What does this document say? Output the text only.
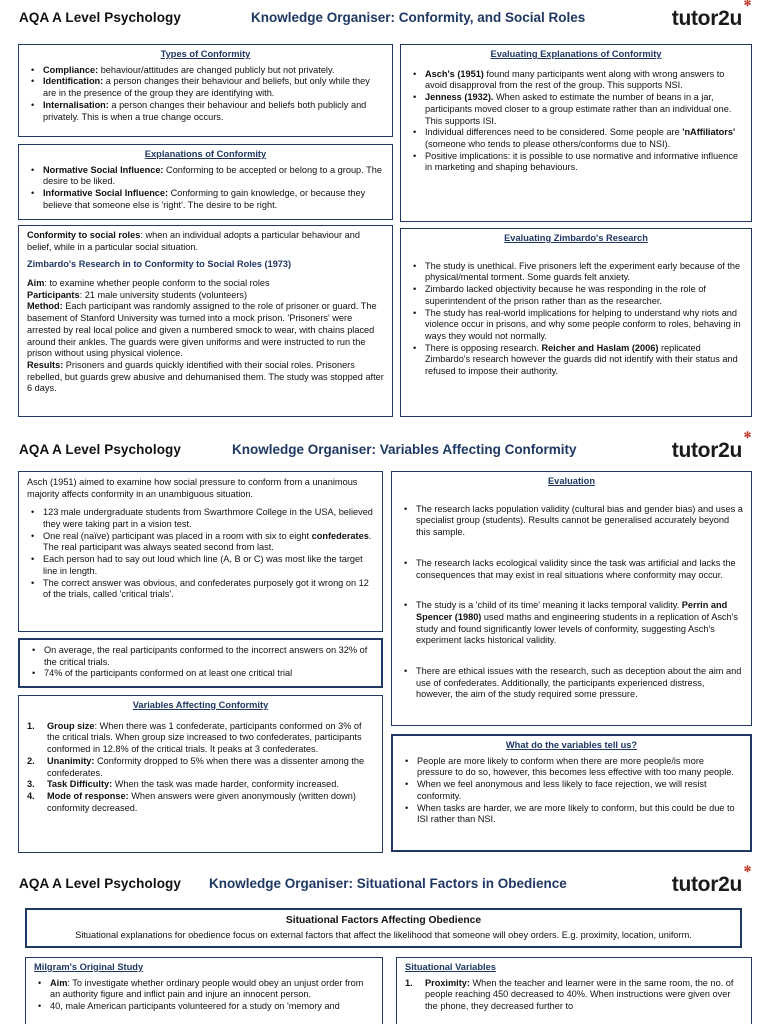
AQA A Level Psychology	Knowledge Organiser: Conformity, and Social Roles	tutor2u
✻
Types of Conformity
• Compliance: behaviour/attitudes are changed publicly but not privately.
• Identification: a person changes their behaviour and beliefs, but only while they are in the presence of the group they are identifying with.
• Internalisation: a person changes their behaviour and beliefs both publicly and privately. This is when a true change occurs.
Explanations of Conformity
• Normative Social Influence: Conforming to be accepted or belong to a group. The desire to be liked.
• Informative Social Influence: Conforming to gain knowledge, or because they believe that someone else is 'right'. The desire to be right.
Evaluating Explanations of Conformity
• Asch's (1951) found many participants went along with wrong answers to avoid disapproval from the rest of the group. This supports NSI.
• Jenness (1932). When asked to estimate the number of beans in a jar, participants moved closer to a group estimate rather than an individual one. This supports ISI.
• Individual differences need to be considered. Some people are 'nAffiliators' (someone who tends to please others/conforms due to NSI).
• Positive implications: it is possible to use normative and informative influence in marketing and shaping behaviours.

Conformity to social roles: when an individual adopts a particular behaviour and belief, while in a particular social situation.

Zimbardo's Research in to Conformity to Social Roles (1973)

Aim: to examine whether people conform to the social roles
Participants: 21 male university students (volunteers)
Method: Each participant was randomly assigned to the role of prisoner or guard. The basement of Stanford University was turned into a mock prison. 'Prisoners' were arrested by real local police and given a numbered smock to wear, with chains placed around their ankles. The guards were given uniforms and were instructed to run the prison without using physical violence.
Results: Prisoners and guards quickly identified with their social roles. Prisoners rebelled, but guards grew abusive and dehumanised them. The study was stopped after 6 days.
Evaluating Zimbardo's Research
• The study is unethical. Five prisoners left the experiment early because of the physical/mental torment. Some guards felt anxiety.
• Zimbardo lacked objectivity because he was responding in the role of superintendent of the prison rather than as the researcher.
• The study has real-world implications for helping to understand why riots and violence occur in prisons, and why some people conform to roles, behaving in ways they would not normally.
• There is opposing research. Reicher and Haslam (2006) replicated Zimbardo's research however the guards did not identify with their status and refused to impose their authority.
AQA A Level Psychology	Knowledge Organiser: Variables Affecting Conformity	tutor2u
✻

Asch (1951) aimed to examine how social pressure to conform from a unanimous majority affects conformity in an unambiguous situation.

• 123 male undergraduate students from Swarthmore College in the USA, believed they were taking part in a vision test.
• One real (naïve) participant was placed in a room with six to eight confederates. The real participant was always seated second from last.
• Each person had to say out loud which line (A, B or C) was most like the target line in length.
• The correct answer was obvious, and confederates purposely got it wrong on 12 of the trials, called 'critical trials'.
• On average, the real participants conformed to the incorrect answers on 32% of the critical trials.
• 74% of the participants conformed on at least one critical trial
Variables Affecting Conformity
1. Group size: When there was 1 confederate, participants conformed on 3% of the critical trials. When group size increased to two confederates, participants conformed in 12.8% of the critical trials. It peaks at 3 confederates.
2. Unanimity: Conformity dropped to 5% when there was a dissenter among the confederates.
3. Task Difficulty: When the task was made harder, conformity increased.
4. Mode of response: When answers were given anonymously (written down) conformity decreased.
Evaluation
• The research lacks population validity (cultural bias and gender bias) and uses a specialist group (students). Results cannot be generalised accurately beyond this sample.
• The research lacks ecological validity since the task was artificial and lacks the consequences that may exist in real situations where conformity may occur.
• The study is a 'child of its time' meaning it lacks temporal validity. Perrin and Spencer (1980) used maths and engineering students in a replication of Asch's study and found significantly lower levels of conformity, suggesting Asch's experiment lacks historical validity.
• There are ethical issues with the research, such as deception about the aim and use of confederates. Additionally, the participants experienced distress, however, the aim of the study required some pressure.
What do the variables tell us?
• People are more likely to conform when there are more people/is more pressure to do so, however, this becomes less effective with too many people.
• When we feel anonymous and less likely to face rejection, we will resist conformity.
• When tasks are harder, we are more likely to conform, but this could be due to ISI rather than NSI.
AQA A Level Psychology Knowledge Organiser: Situational Factors in Obedience	tutor2u
✻
Situational Factors Affecting Obedience
Situational explanations for obedience focus on external factors that affect the likelihood that someone will obey orders. E.g. proximity, location, uniform.
Milgram's Original Study
• Aim: To investigate whether ordinary people would obey an unjust order from an authority figure and inflict pain and injure an innocent person.
• 40, male American participants volunteered for a study on 'memory and
Situational Variables
1. Proximity: When the teacher and learner were in the same room, the no. of people reaching 450 decreased to 40%. When instructions were given over the phone, they decreased further to
